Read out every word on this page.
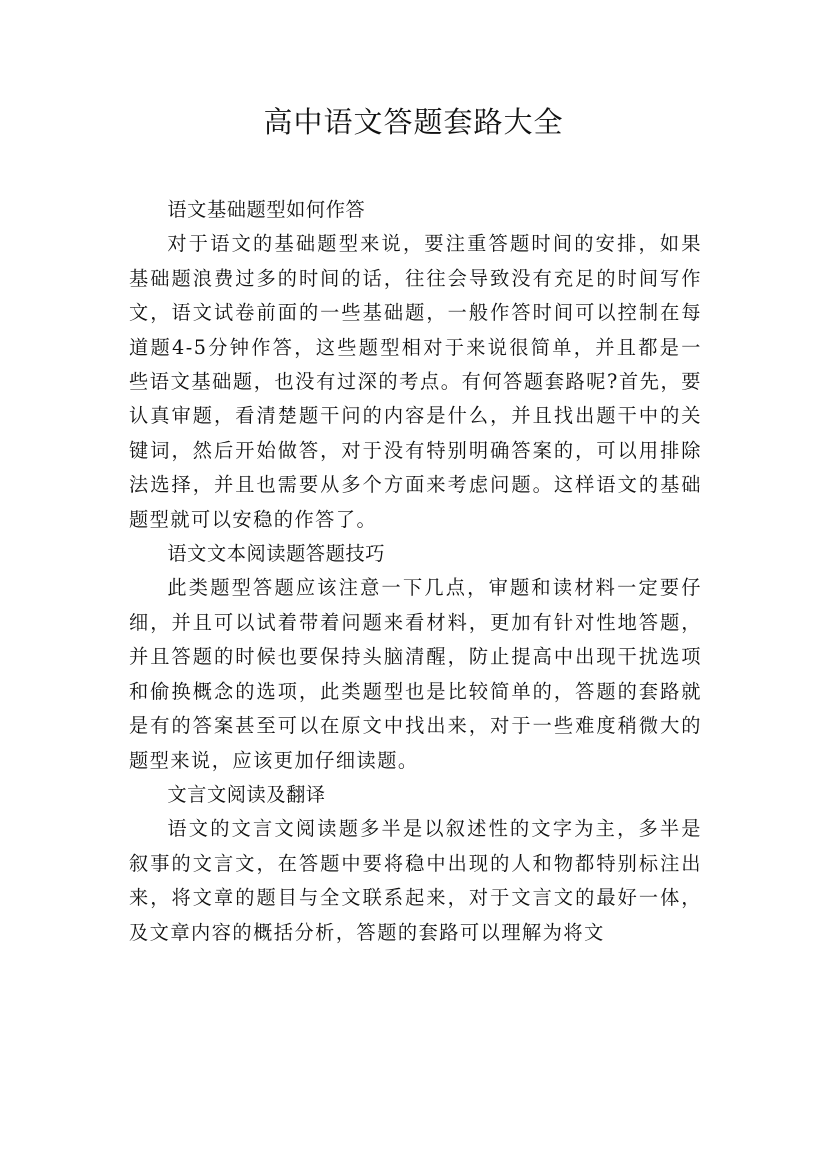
高中语文答题套路大全

语文基础题型如何作答

对于语文的基础题型来说，要注重答题时间的安排，如果基础题浪费过多的时间的话，往往会导致没有充足的时间写作文，语文试卷前面的一些基础题，一般作答时间可以控制在每道题4-5分钟作答，这些题型相对于来说很简单，并且都是一些语文基础题，也没有过深的考点。有何答题套路呢?首先，要认真审题，看清楚题干问的内容是什么，并且找出题干中的关键词，然后开始做答，对于没有特别明确答案的，可以用排除法选择，并且也需要从多个方面来考虑问题。这样语文的基础题型就可以安稳的作答了。

语文文本阅读题答题技巧

此类题型答题应该注意一下几点，审题和读材料一定要仔细，并且可以试着带着问题来看材料，更加有针对性地答题，并且答题的时候也要保持头脑清醒，防止提高中出现干扰选项和偷换概念的选项，此类题型也是比较简单的，答题的套路就是有的答案甚至可以在原文中找出来，对于一些难度稍微大的题型来说，应该更加仔细读题。

文言文阅读及翻译

语文的文言文阅读题多半是以叙述性的文字为主，多半是叙事的文言文，在答题中要将稳中出现的人和物都特别标注出来，将文章的题目与全文联系起来，对于文言文的最好一体，及文章内容的概括分析，答题的套路可以理解为将文
